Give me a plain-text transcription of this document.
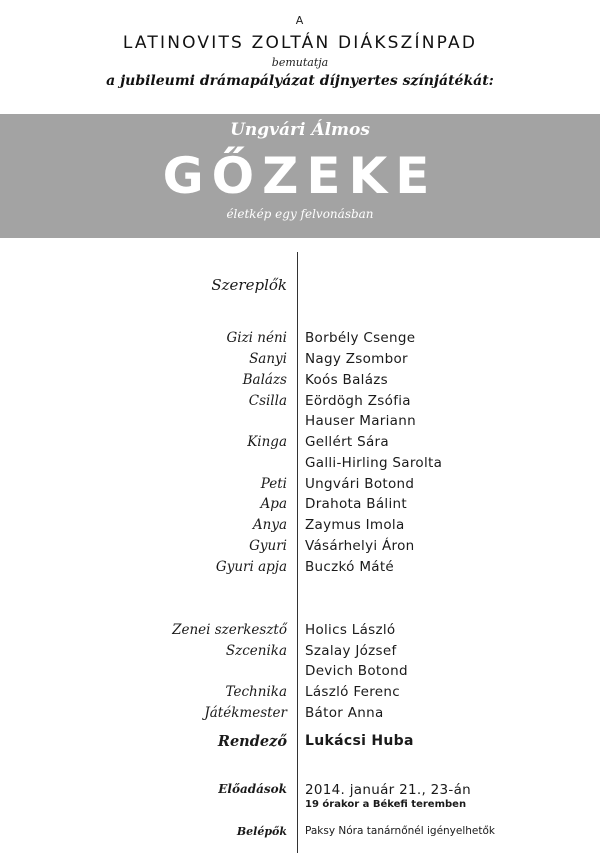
A
LATINOVITS ZOLTÁN DIÁKSZÍNPAD
bemutatja
a jubileumi drámapályázat díjnyertes színjátékát:
Ungvári Álmos
GŐZEKE
életkép egy felvonásban
Szereplők
Gizi néni Borbély Csenge
Sanyi Nagy Zsombor
Balázs Koós Balázs
Csilla Eördögh Zsófia
Hauser Mariann
Kinga Gellért Sára
Galli-Hirling Sarolta
Peti Ungvári Botond
Apa Drahota Bálint
Anya Zaymus Imola
Gyuri Vásárhelyi Áron
Gyuri apja Buczkó Máté
Zenei szerkesztő Holics László
Szcenika Szalay József
Devich Botond
Technika László Ferenc
Játékmester Bátor Anna
Rendező Lukácsi Huba
Előadások 2014. január 21., 23-án
19 órakor a Békefi teremben
Belépők Paksy Nóra tanárnőnél igényelhetők
